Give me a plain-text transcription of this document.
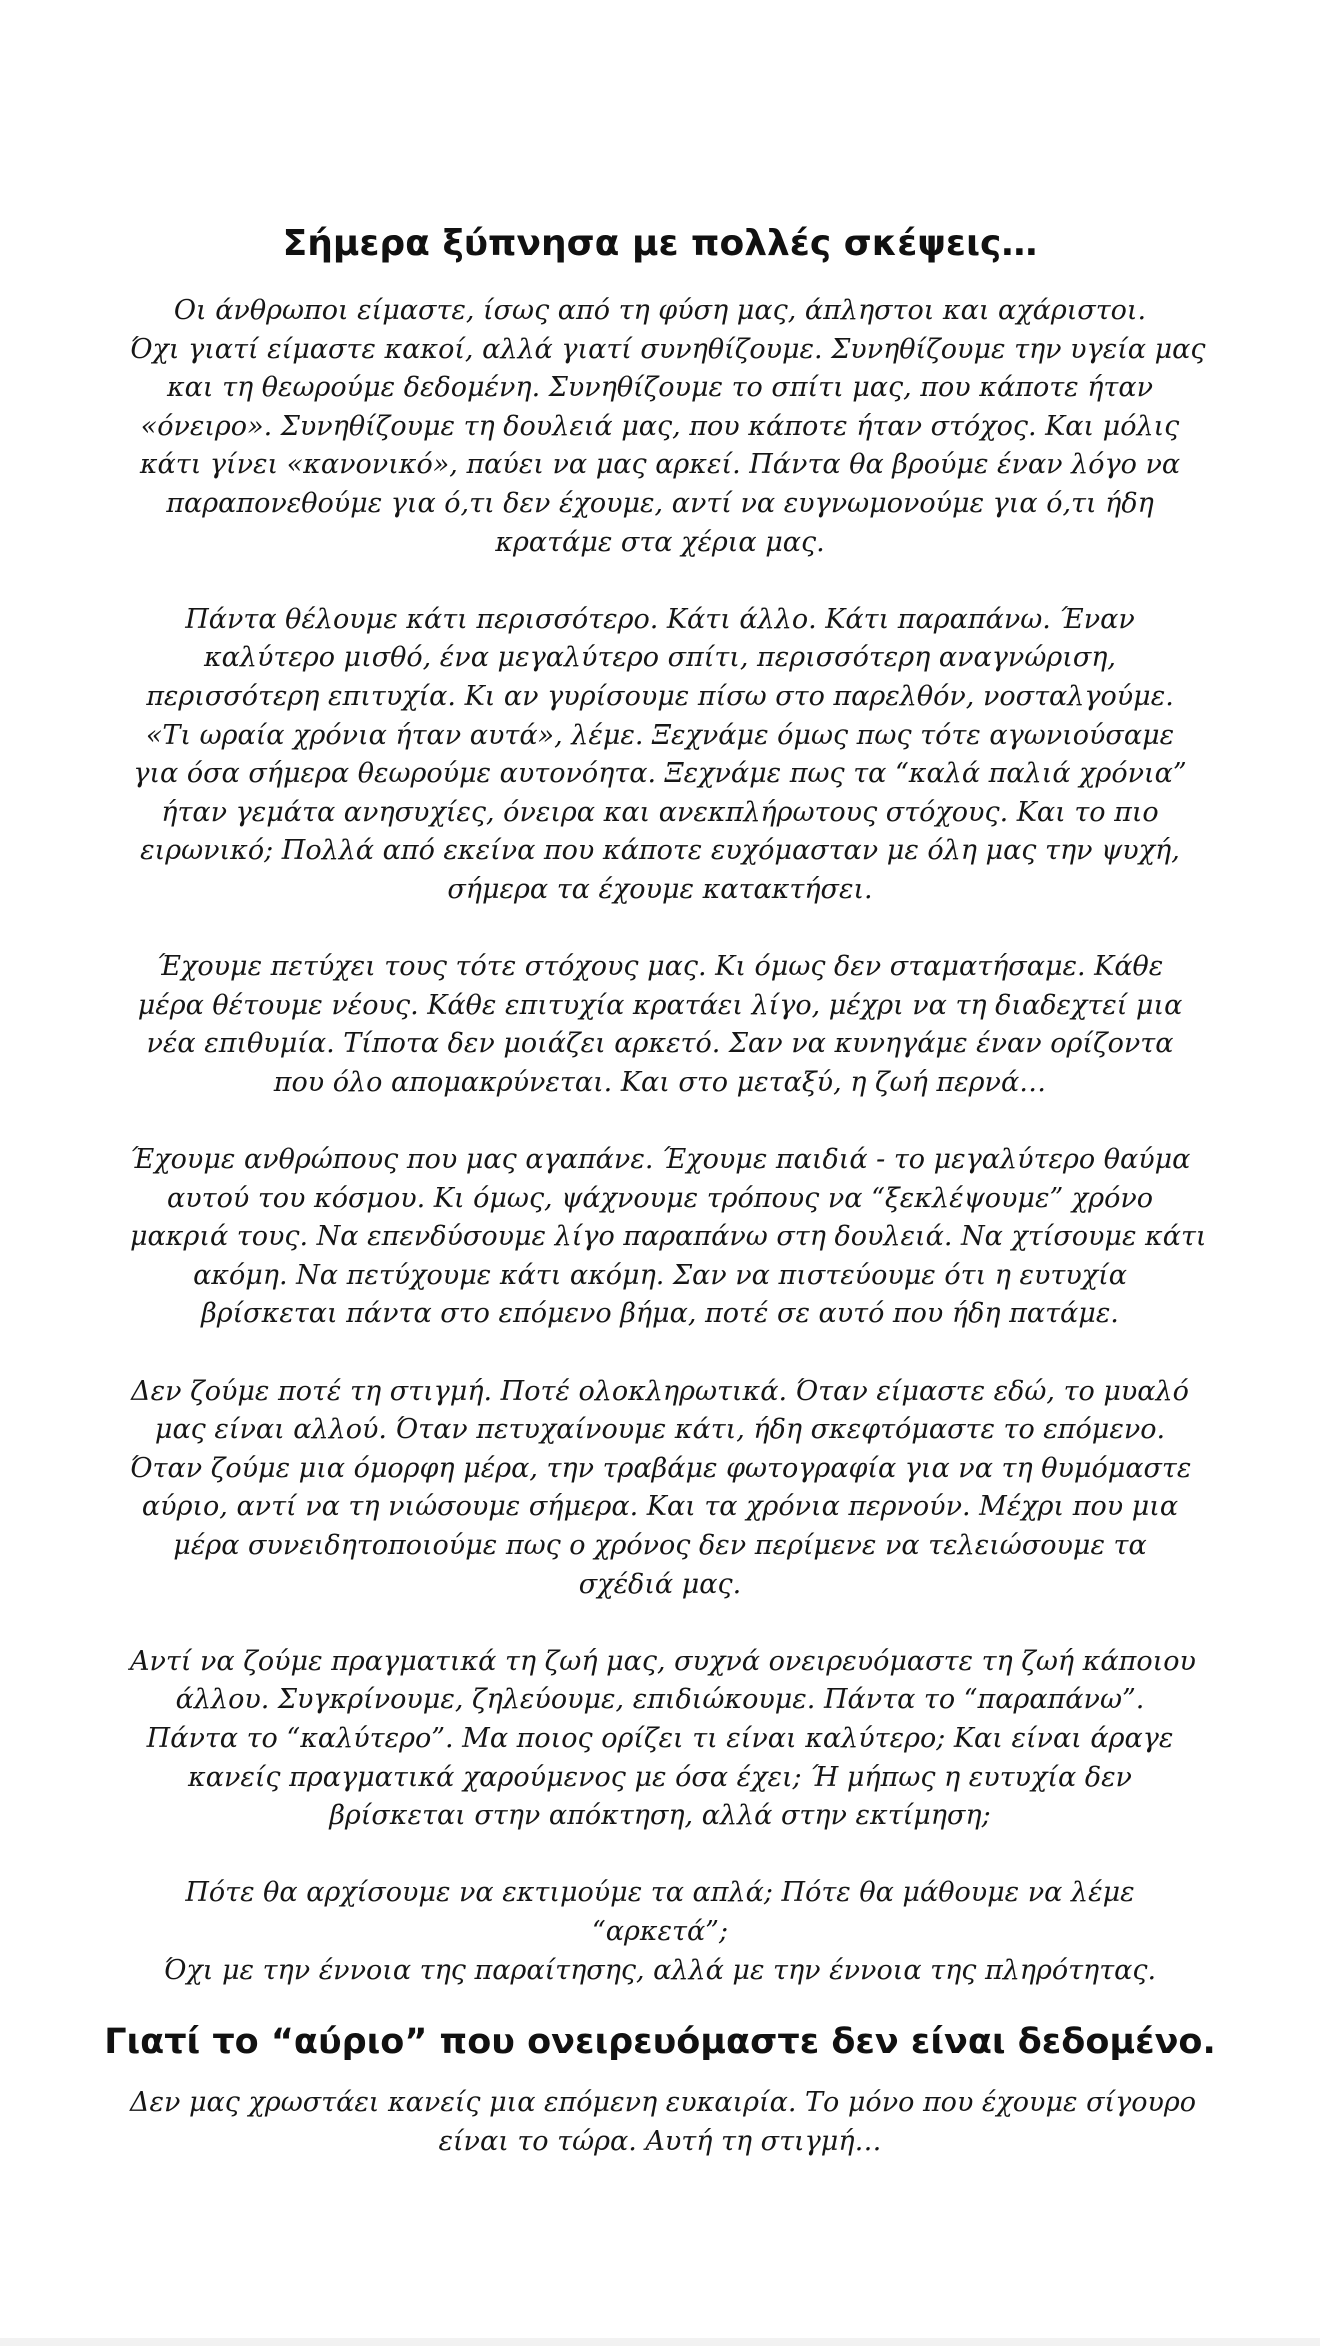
Σήμερα ξύπνησα με πολλές σκέψεις…
Οι άνθρωποι είμαστε, ίσως από τη φύση μας, άπληστοι και αχάριστοι.
Όχι γιατί είμαστε κακοί, αλλά γιατί συνηθίζουμε. Συνηθίζουμε την υγεία μας
και τη θεωρούμε δεδομένη. Συνηθίζουμε το σπίτι μας, που κάποτε ήταν
«όνειρο». Συνηθίζουμε τη δουλειά μας, που κάποτε ήταν στόχος. Και μόλις
κάτι γίνει «κανονικό», παύει να μας αρκεί. Πάντα θα βρούμε έναν λόγο να
παραπονεθούμε για ό,τι δεν έχουμε, αντί να ευγνωμονούμε για ό,τι ήδη
κρατάμε στα χέρια μας.
Πάντα θέλουμε κάτι περισσότερο. Κάτι άλλο. Κάτι παραπάνω. Έναν
καλύτερο μισθό, ένα μεγαλύτερο σπίτι, περισσότερη αναγνώριση,
περισσότερη επιτυχία. Κι αν γυρίσουμε πίσω στο παρελθόν, νοσταλγούμε.
«Τι ωραία χρόνια ήταν αυτά», λέμε. Ξεχνάμε όμως πως τότε αγωνιούσαμε
για όσα σήμερα θεωρούμε αυτονόητα. Ξεχνάμε πως τα “καλά παλιά χρόνια”
ήταν γεμάτα ανησυχίες, όνειρα και ανεκπλήρωτους στόχους. Και το πιο
ειρωνικό; Πολλά από εκείνα που κάποτε ευχόμασταν με όλη μας την ψυχή,
σήμερα τα έχουμε κατακτήσει.
Έχουμε πετύχει τους τότε στόχους μας. Κι όμως δεν σταματήσαμε. Κάθε
μέρα θέτουμε νέους. Κάθε επιτυχία κρατάει λίγο, μέχρι να τη διαδεχτεί μια
νέα επιθυμία. Τίποτα δεν μοιάζει αρκετό. Σαν να κυνηγάμε έναν ορίζοντα
που όλο απομακρύνεται. Και στο μεταξύ, η ζωή περνά…
Έχουμε ανθρώπους που μας αγαπάνε. Έχουμε παιδιά - το μεγαλύτερο θαύμα
αυτού του κόσμου. Κι όμως, ψάχνουμε τρόπους να “ξεκλέψουμε” χρόνο
μακριά τους. Να επενδύσουμε λίγο παραπάνω στη δουλειά. Να χτίσουμε κάτι
ακόμη. Να πετύχουμε κάτι ακόμη. Σαν να πιστεύουμε ότι η ευτυχία
βρίσκεται πάντα στο επόμενο βήμα, ποτέ σε αυτό που ήδη πατάμε.
Δεν ζούμε ποτέ τη στιγμή. Ποτέ ολοκληρωτικά. Όταν είμαστε εδώ, το μυαλό
μας είναι αλλού. Όταν πετυχαίνουμε κάτι, ήδη σκεφτόμαστε το επόμενο.
Όταν ζούμε μια όμορφη μέρα, την τραβάμε φωτογραφία για να τη θυμόμαστε
αύριο, αντί να τη νιώσουμε σήμερα. Και τα χρόνια περνούν. Μέχρι που μια
μέρα συνειδητοποιούμε πως ο χρόνος δεν περίμενε να τελειώσουμε τα
σχέδιά μας.
Αντί να ζούμε πραγματικά τη ζωή μας, συχνά ονειρευόμαστε τη ζωή κάποιου
άλλου. Συγκρίνουμε, ζηλεύουμε, επιδιώκουμε. Πάντα το “παραπάνω”.
Πάντα το “καλύτερο”. Μα ποιος ορίζει τι είναι καλύτερο; Και είναι άραγε
κανείς πραγματικά χαρούμενος με όσα έχει; Ή μήπως η ευτυχία δεν
βρίσκεται στην απόκτηση, αλλά στην εκτίμηση;
Πότε θα αρχίσουμε να εκτιμούμε τα απλά; Πότε θα μάθουμε να λέμε
“αρκετά”;
Όχι με την έννοια της παραίτησης, αλλά με την έννοια της πληρότητας.
Γιατί το “αύριο” που ονειρευόμαστε δεν είναι δεδομένο.
Δεν μας χρωστάει κανείς μια επόμενη ευκαιρία. Το μόνο που έχουμε σίγουρο
είναι το τώρα. Αυτή τη στιγμή…
